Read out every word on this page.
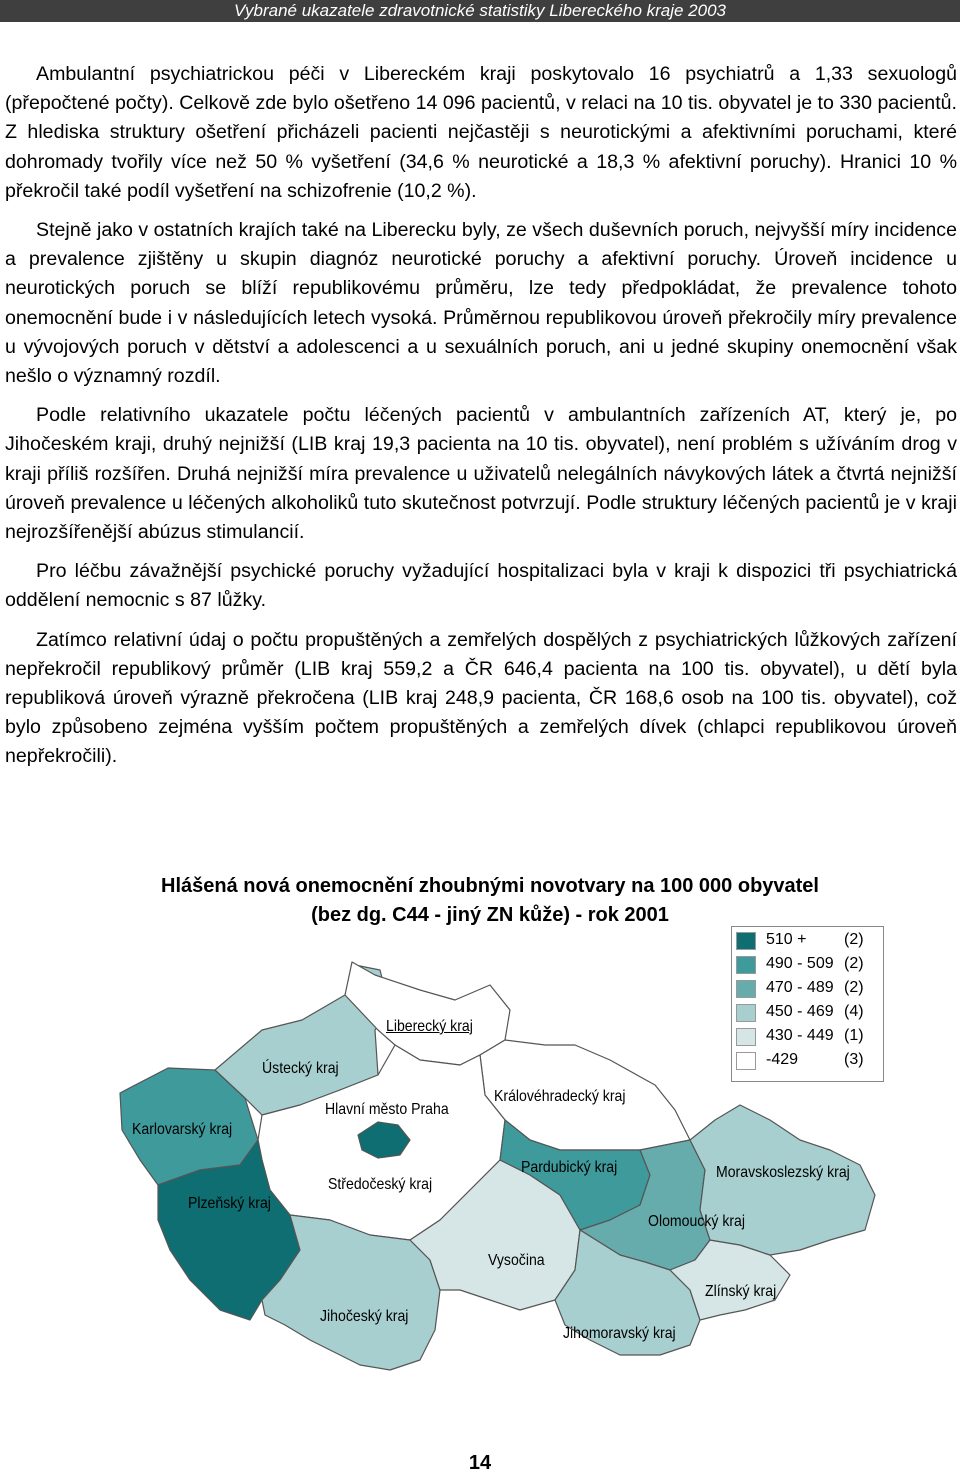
Vybrané ukazatele zdravotnické statistiky Libereckého kraje 2003

Ambulantní psychiatrickou péči v Libereckém kraji poskytovalo 16 psychiatrů a 1,33 sexuologů (přepočtené počty). Celkově zde bylo ošetřeno 14 096 pacientů, v relaci na 10 tis. obyvatel je to 330 pacientů. Z hlediska struktury ošetření přicházeli pacienti nejčastěji s neurotickými a afektivními poruchami, které dohromady tvořily více než 50 % vyšetření (34,6 % neurotické a 18,3 % afektivní poruchy). Hranici 10 % překročil také podíl vyšetření na schizofrenie (10,2 %).

Stejně jako v ostatních krajích také na Liberecku byly, ze všech duševních poruch, nejvyšší míry incidence a prevalence zjištěny u skupin diagnóz neurotické poruchy a afektivní poruchy. Úroveň incidence u neurotických poruch se blíží republikovému průměru, lze tedy předpokládat, že prevalence tohoto onemocnění bude i v následujících letech vysoká. Průměrnou republikovou úroveň překročily míry prevalence u vývojových poruch v dětství a adolescenci a u sexuálních poruch, ani u jedné skupiny onemocnění však nešlo o významný rozdíl.

Podle relativního ukazatele počtu léčených pacientů v ambulantních zařízeních AT, který je, po Jihočeském kraji, druhý nejnižší (LIB kraj 19,3 pacienta na 10 tis. obyvatel), není problém s užíváním drog v kraji příliš rozšířen. Druhá nejnižší míra prevalence u uživatelů nelegálních návykových látek a čtvrtá nejnižší úroveň prevalence u léčených alkoholiků tuto skutečnost potvrzují. Podle struktury léčených pacientů je v kraji nejrozšířenější abúzus stimulancií.

Pro léčbu závažnější psychické poruchy vyžadující hospitalizaci byla v kraji k dispozici tři psychiatrická oddělení nemocnic s 87 lůžky.

Zatímco relativní údaj o počtu propuštěných a zemřelých dospělých z psychiatrických lůžkových zařízení nepřekročil republikový průměr (LIB kraj 559,2 a ČR 646,4 pacienta na 100 tis. obyvatel), u dětí byla republiková úroveň výrazně překročena (LIB kraj 248,9 pacienta, ČR 168,6 osob na 100 tis. obyvatel), což bylo způsobeno zejména vyšším počtem propuštěných a zemřelých dívek (chlapci republikovou úroveň nepřekročili).

Hlášená nová onemocnění zhoubnými novotvary na 100 000 obyvatel
(bez dg. C44 - jiný ZN kůže) - rok 2001
510 + (2)
490 - 509 (2)
470 - 489 (2)
450 - 469 (4)
430 - 449 (1)
-429	(3)
Liberecký kraj
Ústecký kraj
Karlovarský kraj
Hlavní město Praha
Královéhradecký kraj
Středočeský kraj
Pardubický kraj	Moravskoslezský kraj
Plzeňský kraj
Olomoucký kraj
Vysočina
Zlínský kraj
Jihočeský kraj
Jihomoravský kraj
14
